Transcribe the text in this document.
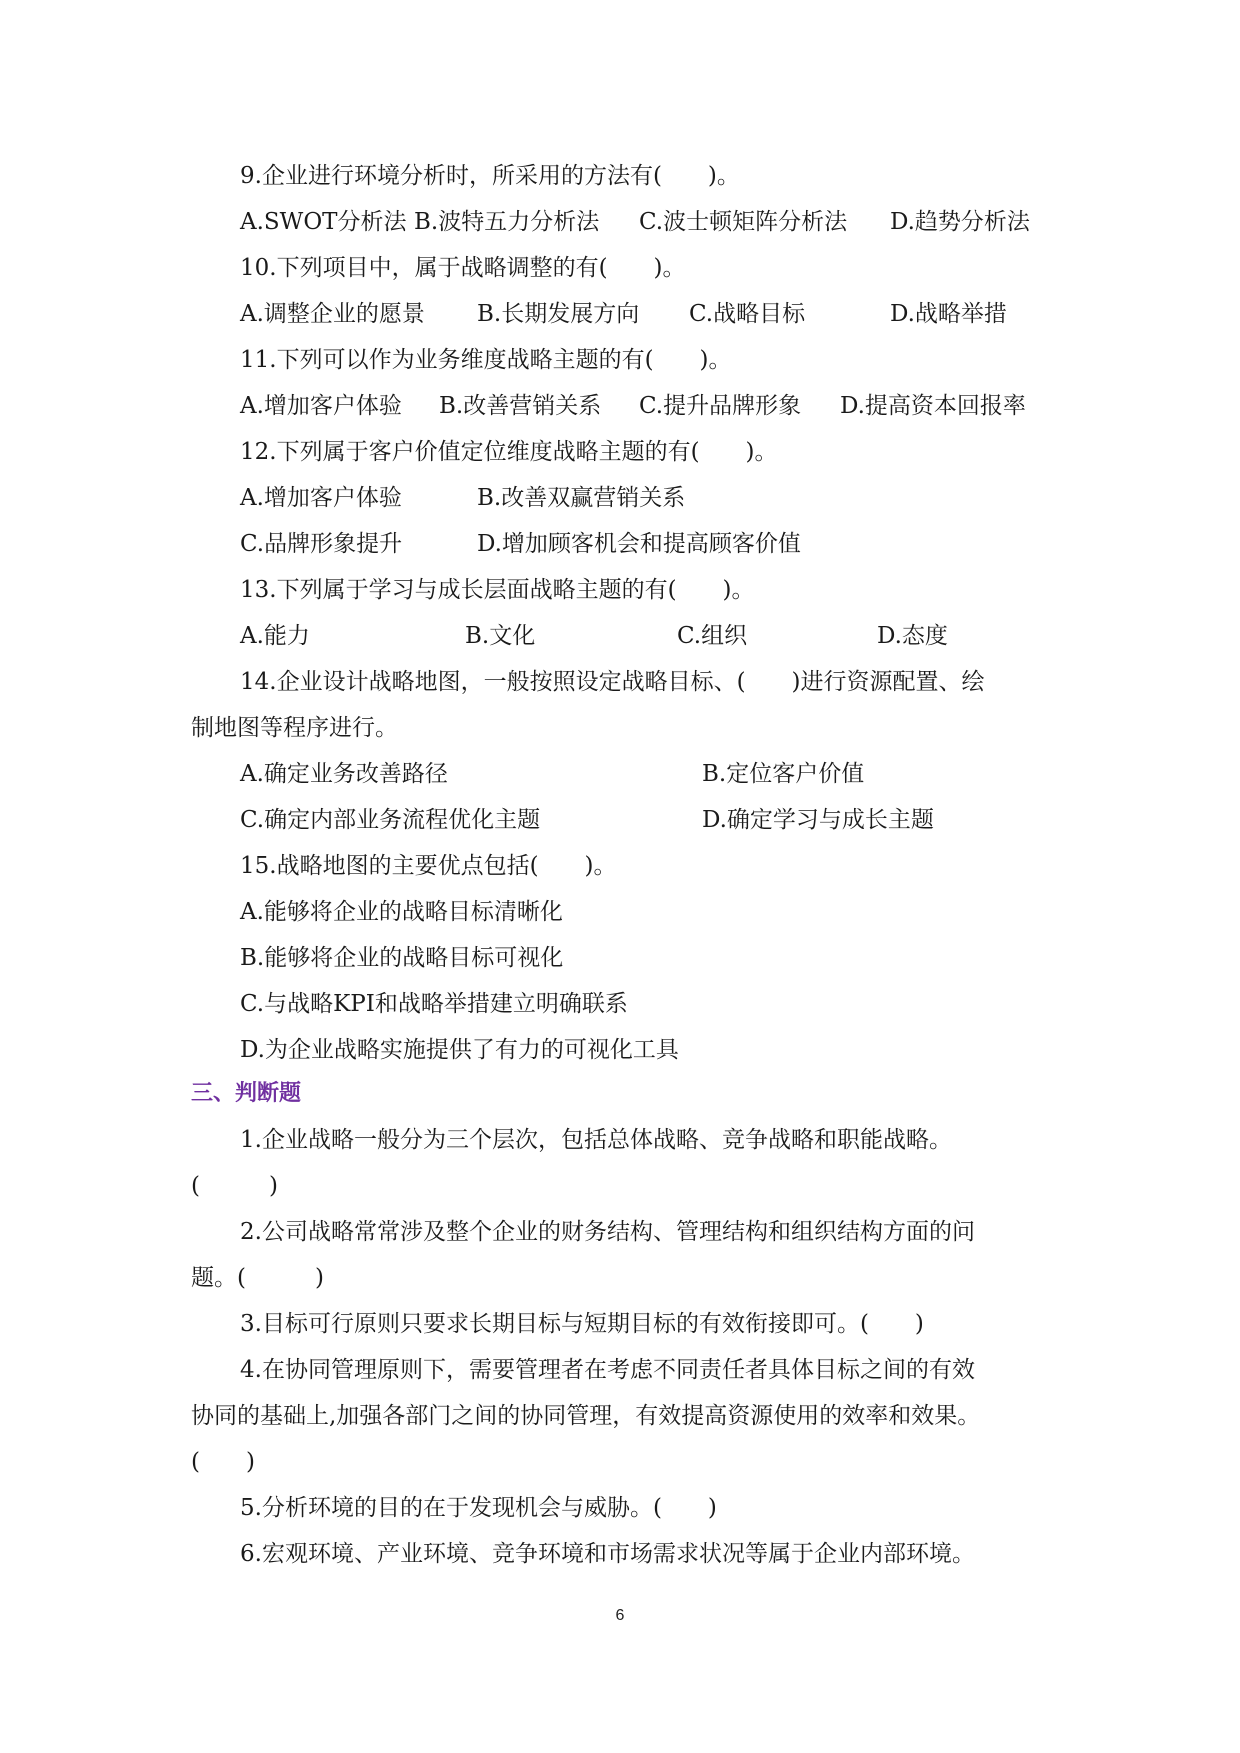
9.企业进行环境分析时，所采用的方法有(　　)。
A.SWOT分析法 B.波特五力分析法 C.波士顿矩阵分析法 D.趋势分析法
10.下列项目中，属于战略调整的有(　　)。
A.调整企业的愿景 B.长期发展方向 C.战略目标	D.战略举措
11.下列可以作为业务维度战略主题的有(　　)。
A.增加客户体验 B.改善营销关系 C.提升品牌形象 D.提高资本回报率
12.下列属于客户价值定位维度战略主题的有(　　)。
A.增加客户体验	B.改善双赢营销关系
C.品牌形象提升	D.增加顾客机会和提高顾客价值
13.下列属于学习与成长层面战略主题的有(　　)。
A.能力	B.文化	C.组织	D.态度
14.企业设计战略地图，一般按照设定战略目标、(　　)进行资源配置、绘
制地图等程序进行。
A.确定业务改善路径	B.定位客户价值
C.确定内部业务流程优化主题	D.确定学习与成长主题
15.战略地图的主要优点包括(　　)。
A.能够将企业的战略目标清晰化
B.能够将企业的战略目标可视化
C.与战略KPI和战略举措建立明确联系
D.为企业战略实施提供了有力的可视化工具
三、判断题
1.企业战略一般分为三个层次，包括总体战略、竞争战略和职能战略。
(　　　)
2.公司战略常常涉及整个企业的财务结构、管理结构和组织结构方面的问
题。(　　　)
3.目标可行原则只要求长期目标与短期目标的有效衔接即可。(　　)
4.在协同管理原则下，需要管理者在考虑不同责任者具体目标之间的有效
协同的基础上,加强各部门之间的协同管理，有效提高资源使用的效率和效果。
(　　)
5.分析环境的目的在于发现机会与威胁。(　　)
6.宏观环境、产业环境、竞争环境和市场需求状况等属于企业内部环境。
6
